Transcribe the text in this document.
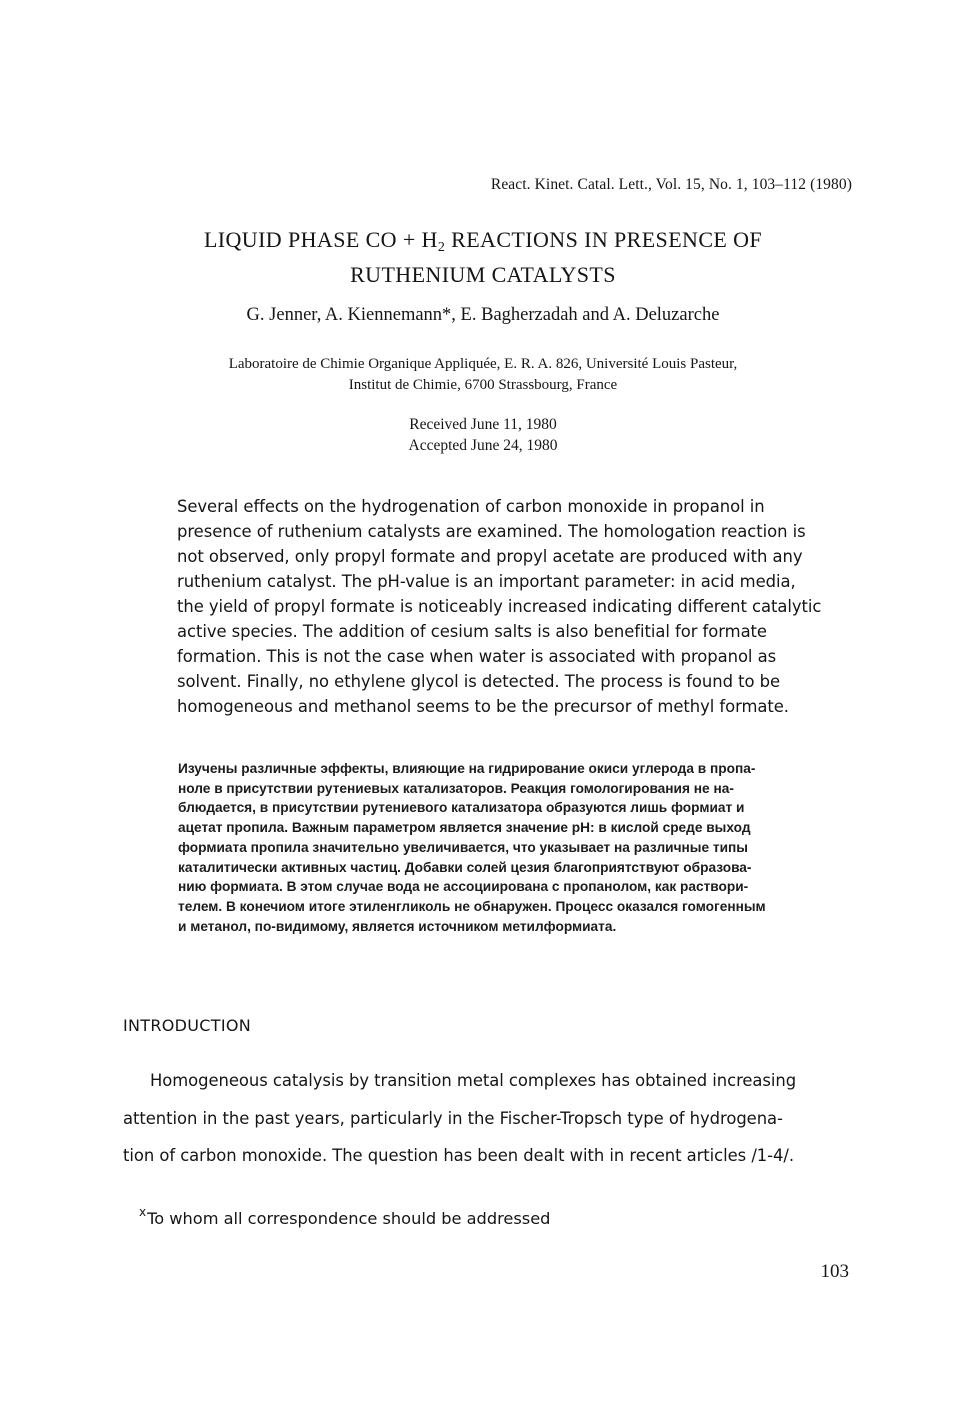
React. Kinet. Catal. Lett., Vol. 15, No. 1, 103–112 (1980)
LIQUID PHASE CO + $H_2$ REACTIONS IN PRESENCE OF
RUTHENIUM CATALYSTS
G. Jenner, A. Kiennemann*, E. Bagherzadah and A. Deluzarche
Laboratoire de Chimie Organique Appliquée, E. R. A. 826, Université Louis Pasteur,
Institut de Chimie, 6700 Strassbourg, France
Received June 11, 1980
Accepted June 24, 1980
Several effects on the hydrogenation of carbon monoxide in propanol in
presence of ruthenium catalysts are examined. The homologation reaction is
not observed, only propyl formate and propyl acetate are produced with any
ruthenium catalyst. The pH-value is an important parameter: in acid media,
the yield of propyl formate is noticeably increased indicating different catalytic
active species. The addition of cesium salts is also benefitial for formate
formation. This is not the case when water is associated with propanol as
solvent. Finally, no ethylene glycol is detected. The process is found to be
homogeneous and methanol seems to be the precursor of methyl formate.
Изучены различные эффекты, влияющие на гидрирование окиси углерода в пропа-
ноле в присутствии рутениевых катализаторов. Реакция гомологирования не на-
блюдается, в присутствии рутениевого катализатора образуются лишь формиат и
ацетат пропила. Важным параметром является значение pH: в кислой среде выход
формиата пропила значительно увеличивается, что указывает на различные типы
каталитически активных частиц. Добавки солей цезия благоприятствуют образова-
нию формиата. В этом случае вода не ассоциирована с пропанолом, как раствори-
телем. В конечиом итоге этиленгликоль не обнаружен. Процесс оказался гомогенным
и метанол, по-видимому, является источником метилформиата.
INTRODUCTION
Homogeneous catalysis by transition metal complexes has obtained increasing
attention in the past years, particularly in the Fischer-Tropsch type of hydrogena-
tion of carbon monoxide. The question has been dealt with in recent articles /1-4/.
$^x$To whom all correspondence should be addressed
103
